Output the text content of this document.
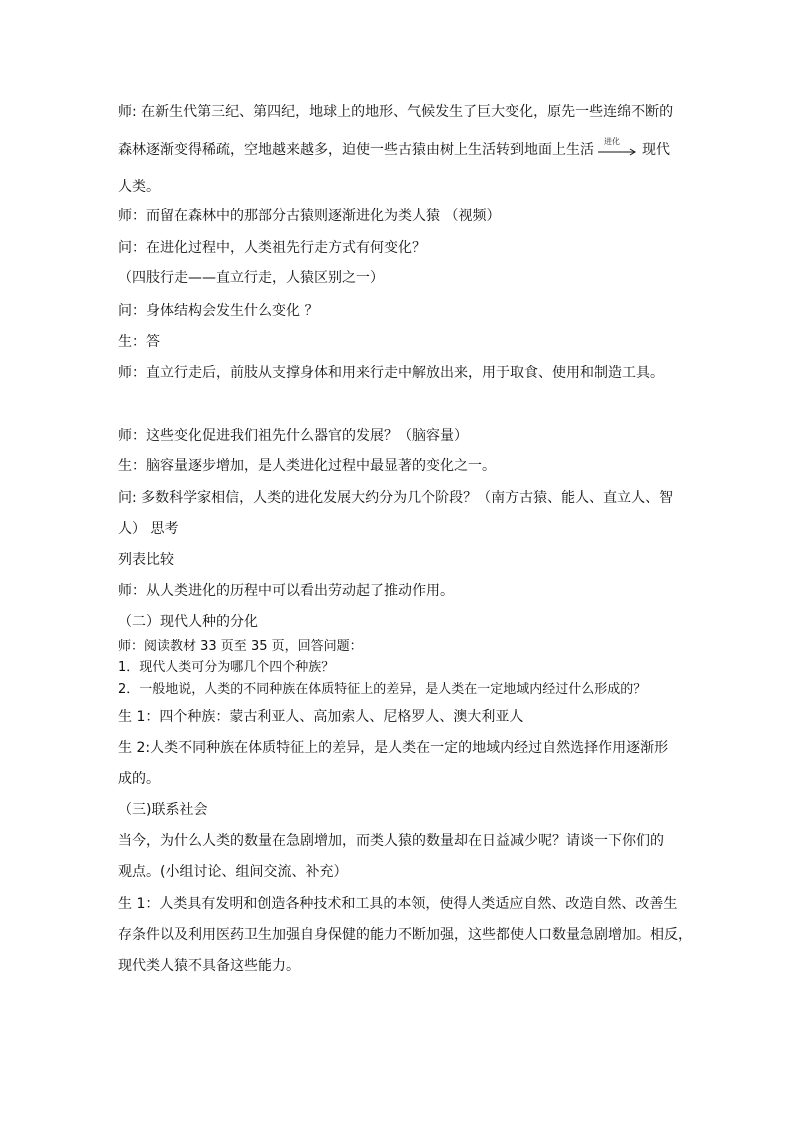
师: 在新生代第三纪、第四纪，地球上的地形、气候发生了巨大变化，原先一些连绵不断的
森林逐渐变得稀疏，空地越来越多，迫使一些古猿由树上生活转到地面上生活
进化
现代
人类。
师：而留在森林中的那部分古猿则逐渐进化为类人猿 （视频）
问：在进化过程中，人类祖先行走方式有何变化？
（四肢行走——直立行走，人猿区别之一）
问：身体结构会发生什么变化 ？
生：答
师：直立行走后，前肢从支撑身体和用来行走中解放出来，用于取食、使用和制造工具。
师：这些变化促进我们祖先什么器官的发展？（脑容量）
生：脑容量逐步增加，是人类进化过程中最显著的变化之一。
问: 多数科学家相信，人类的进化发展大约分为几个阶段？（南方古猿、能人、直立人、智
人） 思考
列表比较
师：从人类进化的历程中可以看出劳动起了推动作用。
（二）现代人种的分化
师：阅读教材 33 页至 35 页，回答问题：
1．现代人类可分为哪几个四个种族？
2．一般地说，人类的不同种族在体质特征上的差异，是人类在一定地域内经过什么形成的？
生 1：四个种族：蒙古利亚人、高加索人、尼格罗人、澳大利亚人
生 2:人类不同种族在体质特征上的差异，是人类在一定的地域内经过自然选择作用逐渐形
成的。
（三)联系社会
当今，为什么人类的数量在急剧增加，而类人猿的数量却在日益减少呢？请谈一下你们的
观点。(小组讨论、组间交流、补充）
生 1：人类具有发明和创造各种技术和工具的本领，使得人类适应自然、改造自然、改善生
存条件以及利用医药卫生加强自身保健的能力不断加强，这些都使人口数量急剧增加。相反，
现代类人猿不具备这些能力。
